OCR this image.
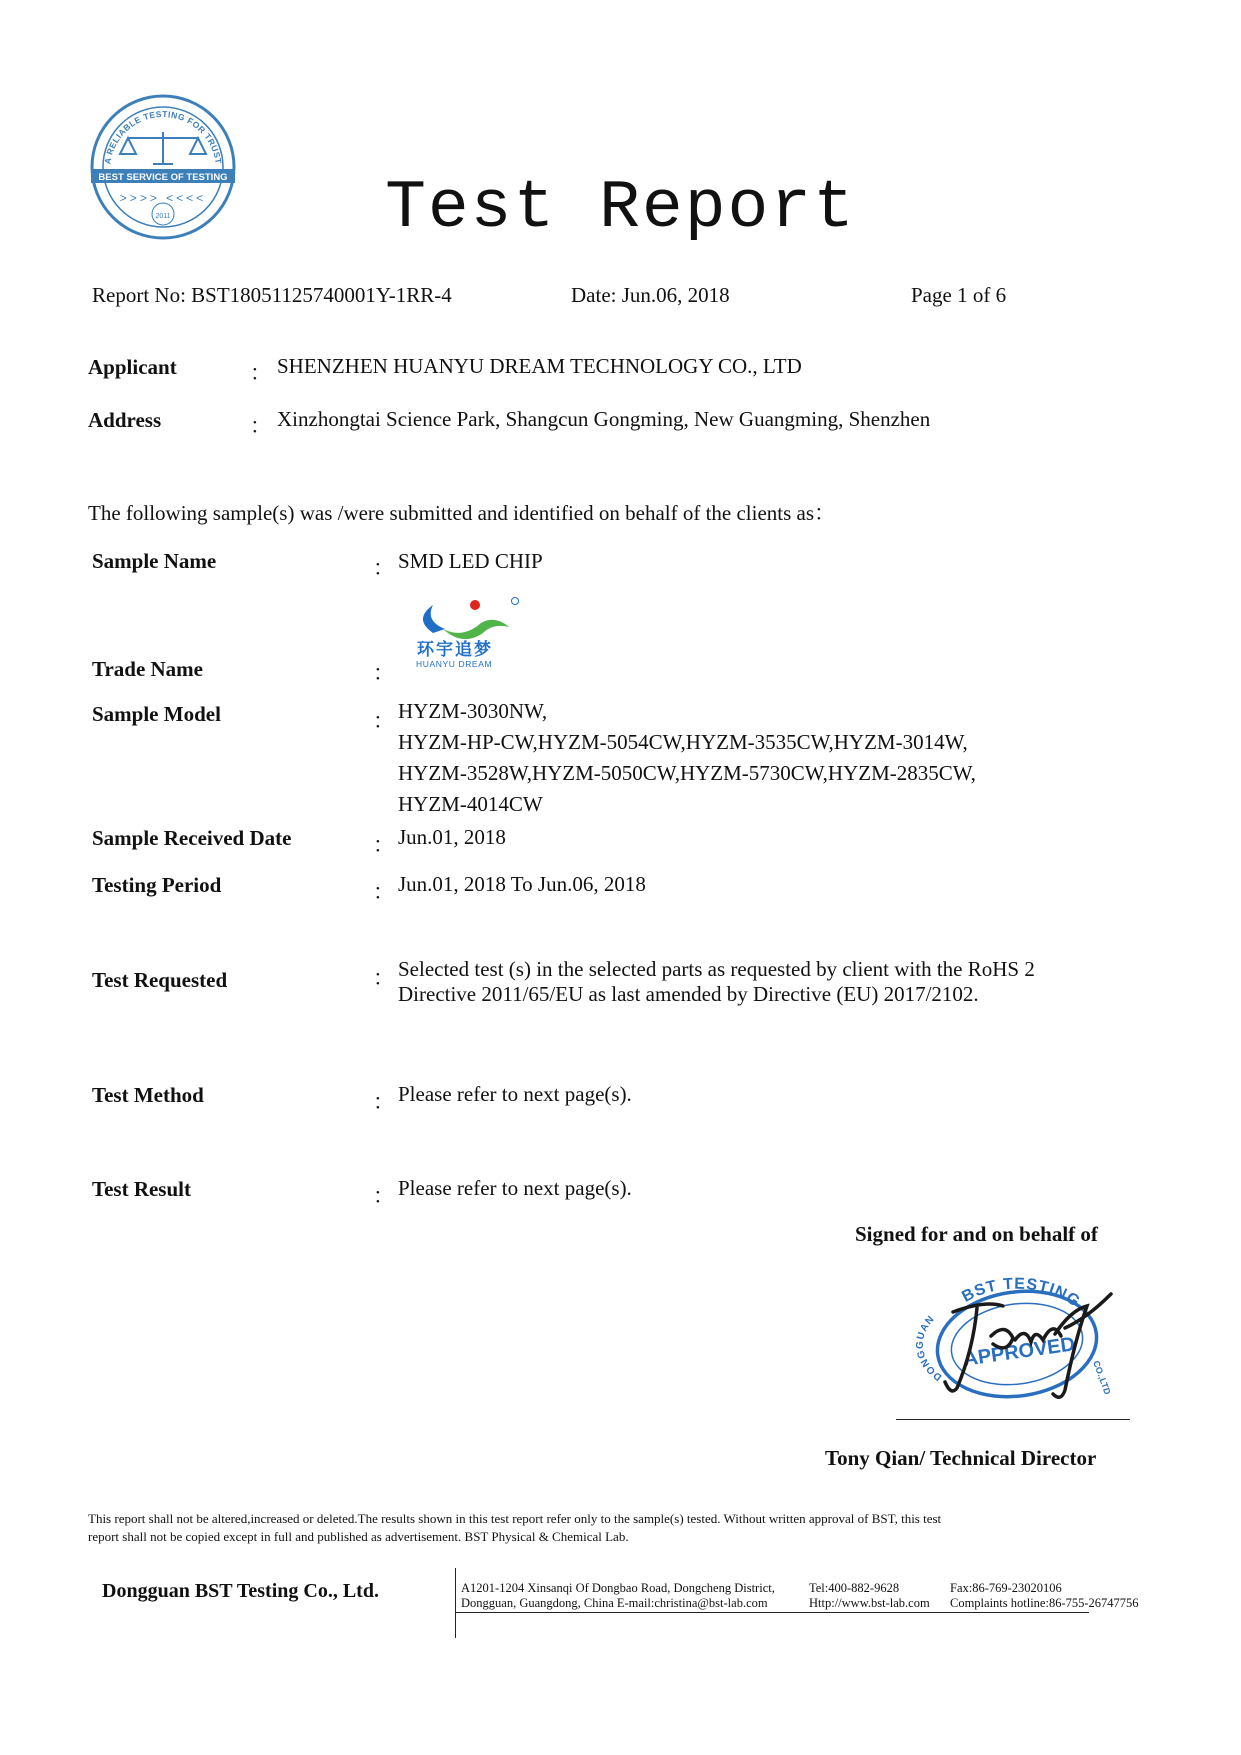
A RELIABLE TESTING FOR TRUST
BEST SERVICE OF TESTING
>>>> <<<<
2011	Test Report
Report No: BST18051125740001Y-1RR-4	Date: Jun.06, 2018	Page 1 of 6
Applicant	： SHENZHEN HUANYU DREAM TECHNOLOGY CO., LTD
Address	： Xinzhongtai Science Park, Shangcun Gongming, New Guangming, Shenzhen
The following sample(s) was /were submitted and identified on behalf of the clients as：
Sample Name	： SMD LED CHIP
Trade Name	：
环宇追梦
HUANYU DREAM
Sample Model	： HYZM-3030NW,
HYZM-HP-CW,HYZM-5054CW,HYZM-3535CW,HYZM-3014W,
HYZM-3528W,HYZM-5050CW,HYZM-5730CW,HYZM-2835CW,
HYZM-4014CW
Sample Received Date	： Jun.01, 2018
Testing Period	： Jun.01, 2018 To Jun.06, 2018
Test Requested	： Selected test (s) in the selected parts as requested by client with the RoHS 2
Directive 2011/65/EU as last amended by Directive (EU) 2017/2102.
Test Method	： Please refer to next page(s).
Test Result	： Please refer to next page(s).
Signed for and on behalf of
BST TESTING
DONGGUAN
CO.,LTD
APPROVED
Tony Qian/ Technical Director
This report shall not be altered,increased or deleted.The results shown in this test report refer only to the sample(s) tested. Without written approval of BST, this test
report shall not be copied except in full and published as advertisement. BST Physical & Chemical Lab.
Dongguan BST Testing Co., Ltd.	A1201-1204 Xinsanqi Of Dongbao Road, Dongcheng District,
Dongguan, Guangdong, China E-mail:christina@bst-lab.com
Tel:400-882-9628
Http://www.bst-lab.com
Fax:86-769-23020106
Complaints hotline:86-755-26747756
